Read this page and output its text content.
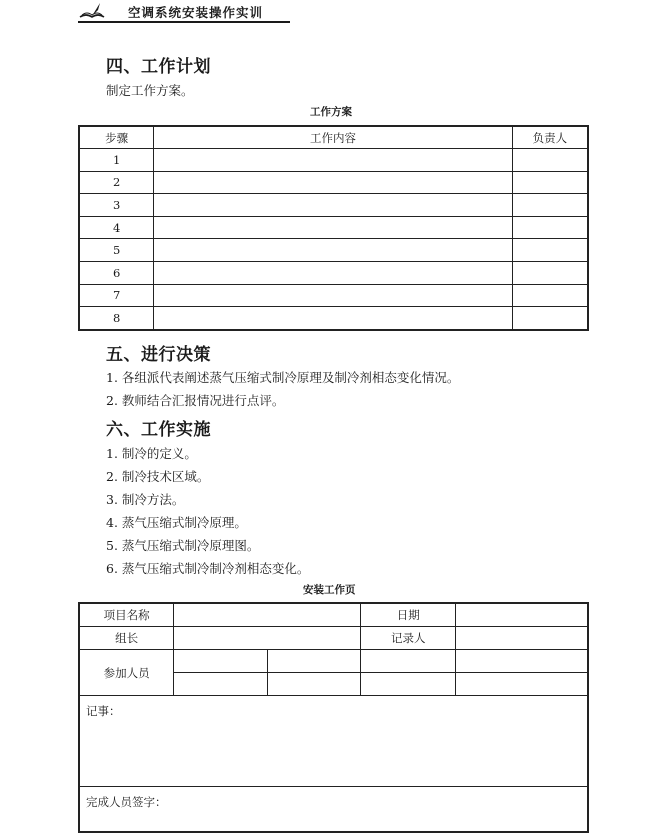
空调系统安装操作实训
四、工作计划
制定工作方案。
工作方案
步骤	工作内容	负责人
1		
2		
3		
4		
5		
6		
7		
8		
五、进行决策
1. 各组派代表阐述蒸气压缩式制冷原理及制冷剂相态变化情况。
2. 教师结合汇报情况进行点评。
六、工作实施
1. 制冷的定义。
2. 制冷技术区域。
3. 制冷方法。
4. 蒸气压缩式制冷原理。
5. 蒸气压缩式制冷原理图。
6. 蒸气压缩式制冷制冷剂相态变化。
安装工作页
项目名称			日期	
组长			记录人	
参加人员				

记事：				
完成人员签字：				
